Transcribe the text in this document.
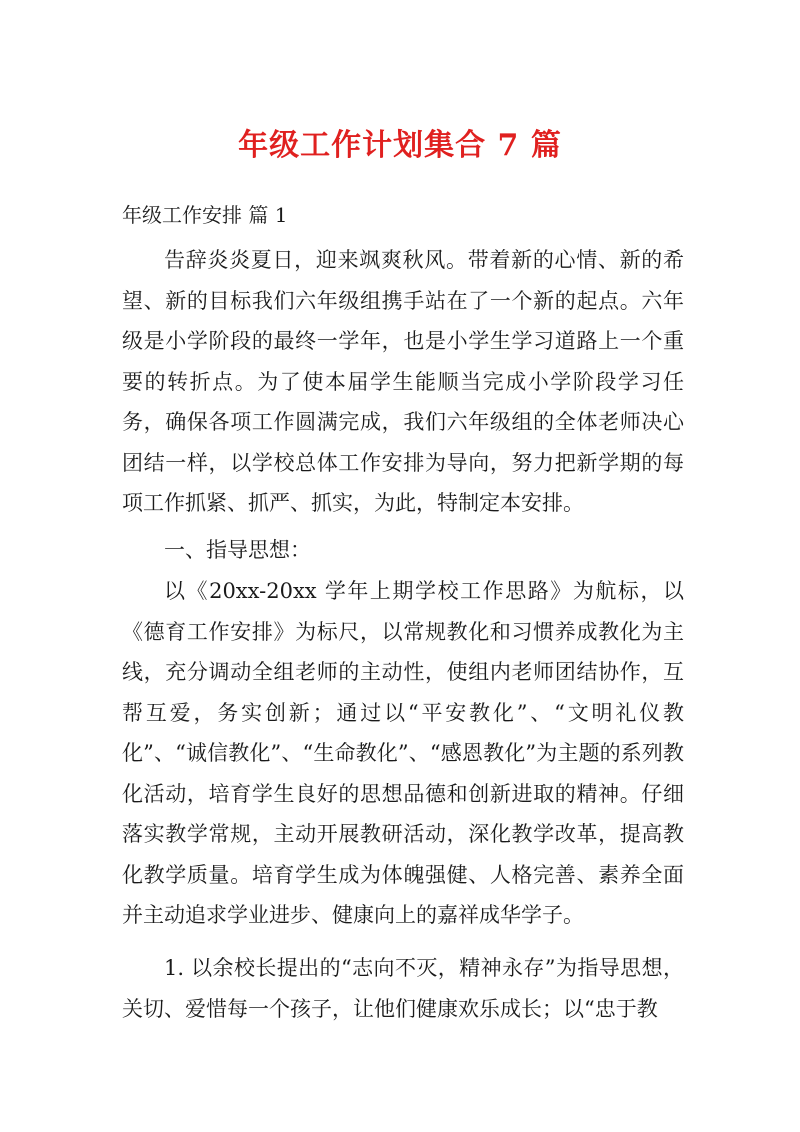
年级工作计划集合 7 篇

年级工作安排 篇 1

告辞炎炎夏日，迎来飒爽秋风。带着新的心情、新的希望、新的目标我们六年级组携手站在了一个新的起点。六年级是小学阶段的最终一学年，也是小学生学习道路上一个重要的转折点。为了使本届学生能顺当完成小学阶段学习任务，确保各项工作圆满完成，我们六年级组的全体老师决心团结一样，以学校总体工作安排为导向，努力把新学期的每项工作抓紧、抓严、抓实，为此，特制定本安排。

一、指导思想：

以《20xx-20xx 学年上期学校工作思路》为航标，以《德育工作安排》为标尺，以常规教化和习惯养成教化为主线，充分调动全组老师的主动性，使组内老师团结协作，互帮互爱，务实创新；通过以“平安教化”、“文明礼仪教化”、“诚信教化”、“生命教化”、“感恩教化”为主题的系列教化活动，培育学生良好的思想品德和创新进取的精神。仔细落实教学常规，主动开展教研活动，深化教学改革，提高教化教学质量。培育学生成为体魄强健、人格完善、素养全面并主动追求学业进步、健康向上的嘉祥成华学子。

1. 以余校长提出的“志向不灭，精神永存”为指导思想，关切、爱惜每一个孩子，让他们健康欢乐成长；以“忠于教
